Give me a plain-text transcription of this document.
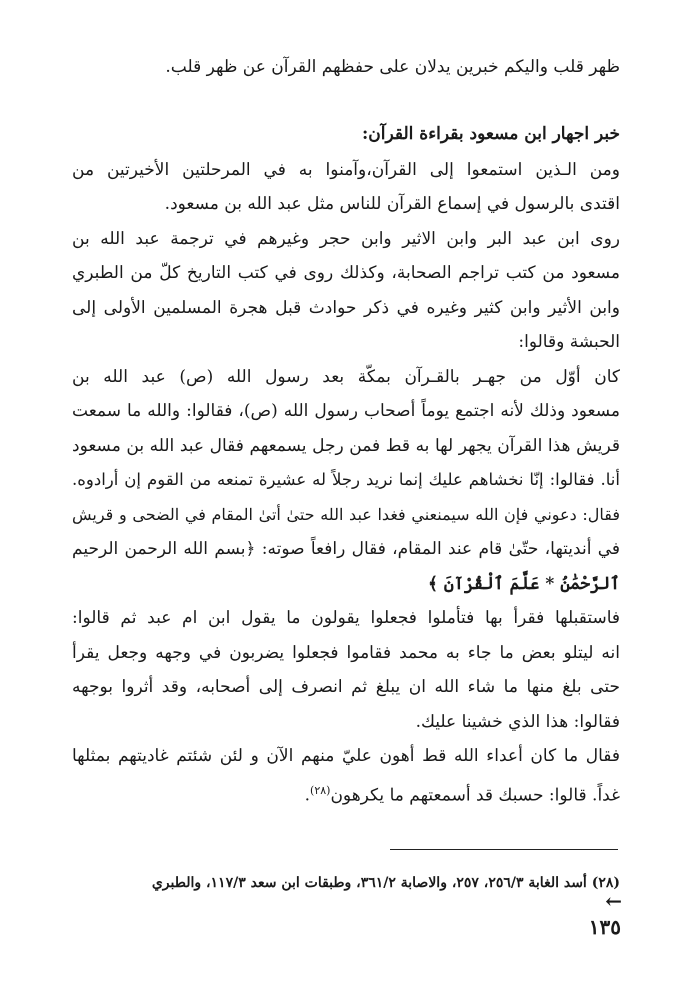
ظهر قلب واليكم خبرين يدلان على حفظهم القرآن عن ظهر قلب.
خبر اجهار ابن مسعود بقراءة القرآن:
ومن الـذين استمعوا إلى القرآن،وآمنوا به في المرحلتين الأخيرتين من
اقتدى بالرسول في إسماع القرآن للناس مثل عبد الله بن مسعود.
روى ابن عبد البر وابن الاثير وابن حجر وغيرهم في ترجمة عبد الله بن
مسعود من كتب تراجم الصحابة، وكذلك روى في كتب التاريخ كلّ من الطبري
وابن الأثير وابن كثير وغيره في ذكر حوادث قبل هجرة المسلمين الأولى إلى
الحبشة وقالوا:
كان أوّل من جهـر بالقـرآن بمكّة بعد رسول الله (ص) عبد الله بن
مسعود وذلك لأنه اجتمع يوماً أصحاب رسول الله (ص)، فقالوا: والله ما سمعت
قريش هذا القرآن يجهر لها به قط فمن رجل يسمعهم فقال عبد الله بن مسعود
أنا. فقالوا: إنّا نخشاهم عليك إنما نريد رجلاً له عشيرة تمنعه من القوم إن أرادوه.
فقال: دعوني فإن الله سيمنعني فغدا عبد الله حتىٰ أتىٰ المقام في الضحى و قريش
في أنديتها، حتّىٰ قام عند المقام، فقال رافعاً صوته: ﴿بسم الله الرحمن الرحيم
ٱلرَّحْمَٰنُ * عَلَّمَ ٱلْقُرْآنَ ﴾
فاستقبلها فقرأ بها فتأملوا فجعلوا يقولون ما يقول ابن ام عبد ثم قالوا:
انه ليتلو بعض ما جاء به محمد فقاموا فجعلوا يضربون في وجهه وجعل يقرأ
حتى بلغ منها ما شاء الله ان يبلغ ثم انصرف إلى أصحابه، وقد أثروا بوجهه
فقالوا: هذا الذي خشينا عليك.
فقال ما كان أعداء الله قط أهون عليّ منهم الآن و لئن شئتم غاديتهم بمثلها
غداً. قالوا: حسبك قد أسمعتهم ما يكرهون$^{(٢٨)}$.
(٢٨) أسد الغابة ٢٥٦/٣، ٢٥٧، والاصابة ٣٦١/٢، وطبقات ابن سعد ١١٧/٣، والطبري
←
١٣٥
